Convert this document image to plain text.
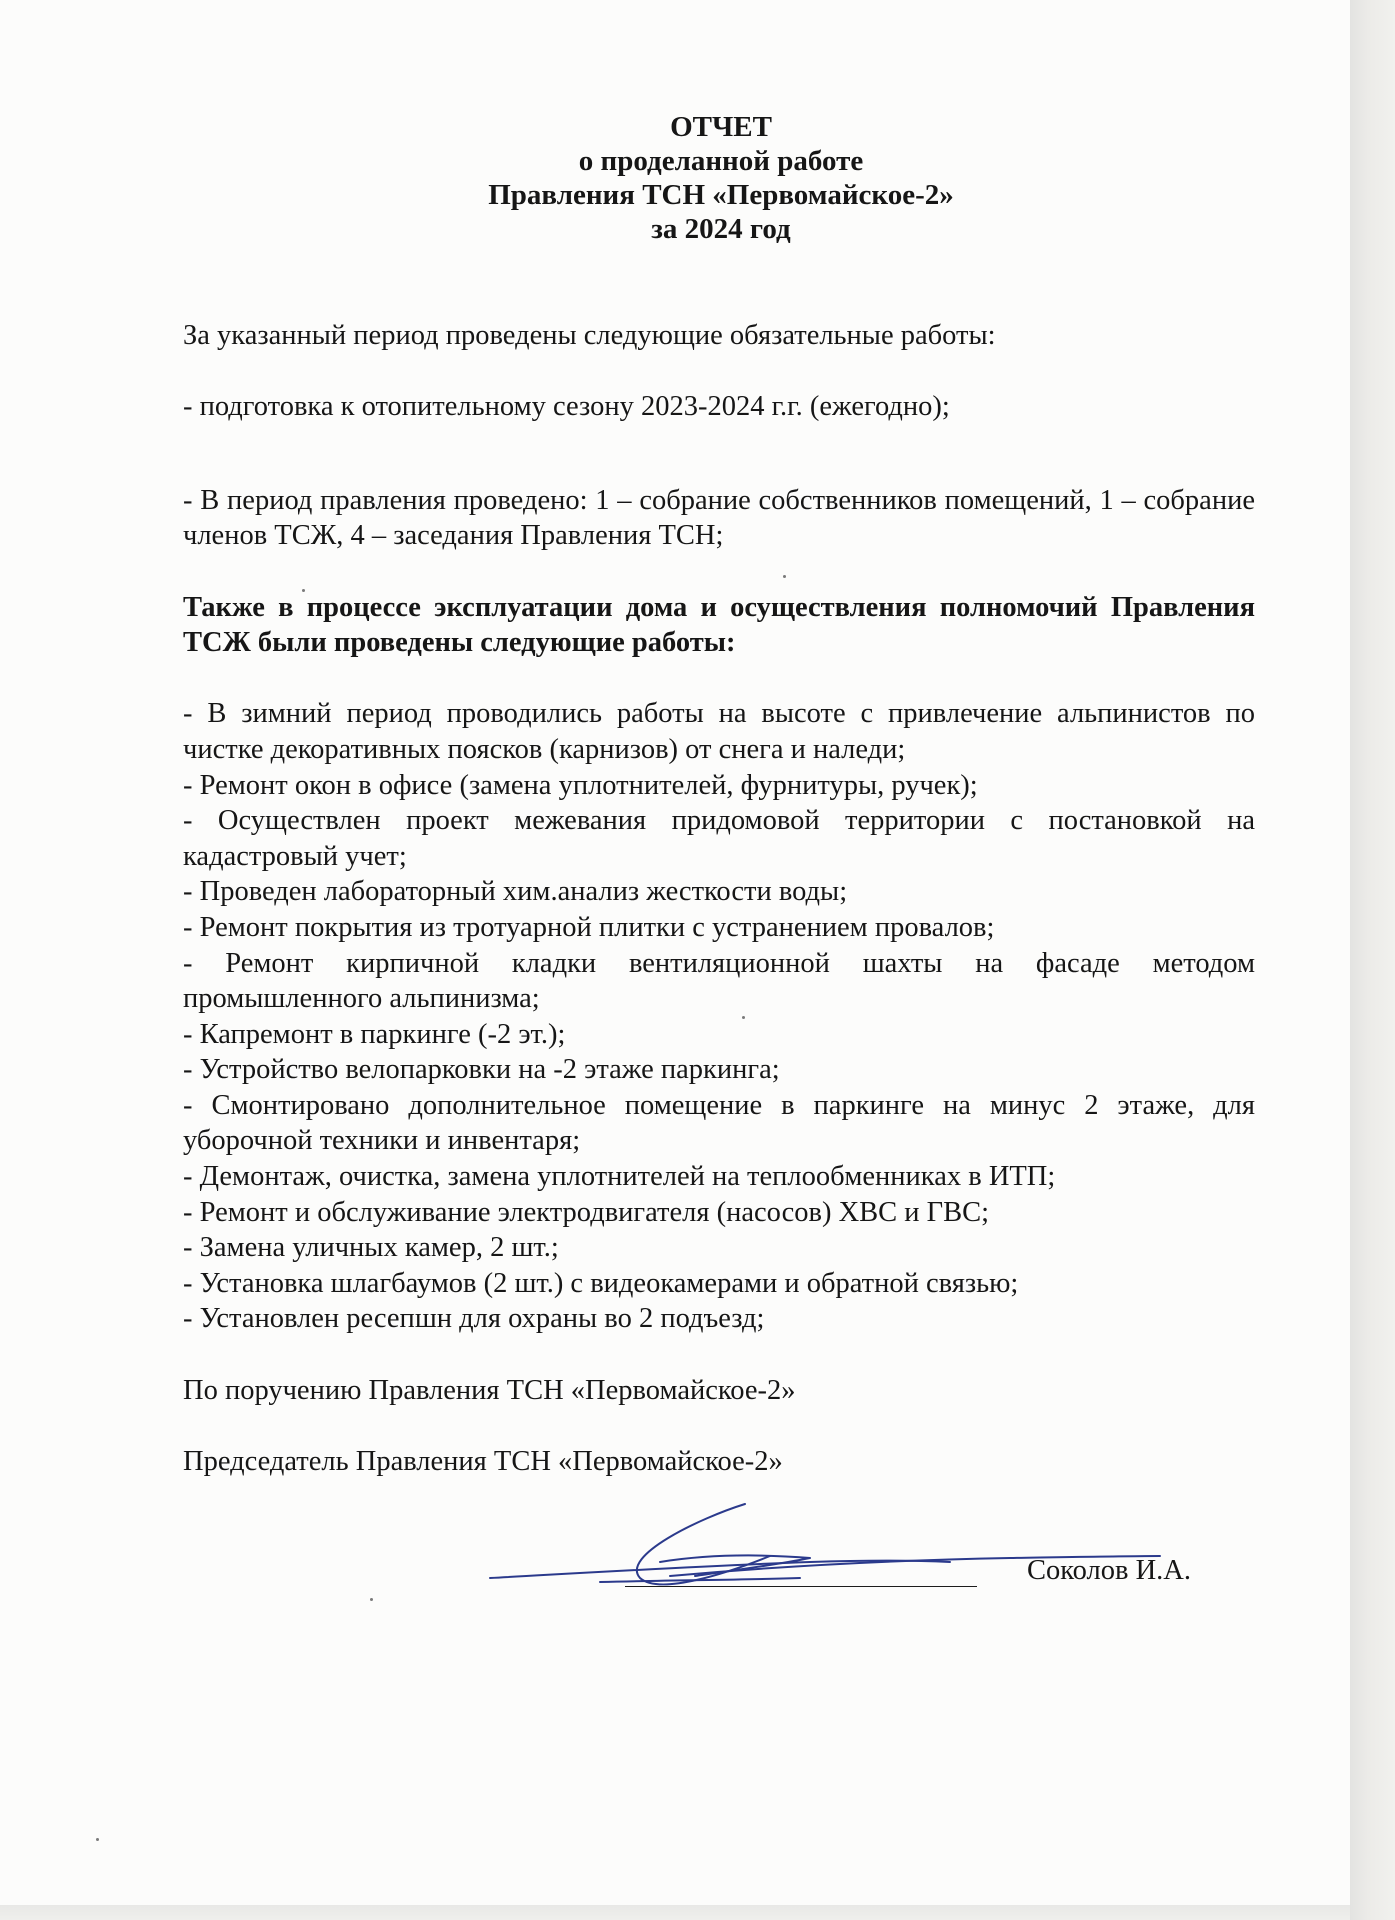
ОТЧЕТ
о проделанной работе
Правления ТСН «Первомайское-2»
за 2024 год

За указанный период проведены следующие обязательные работы:

- подготовка к отопительному сезону 2023-2024 г.г. (ежегодно);

- В период правления проведено: 1 – собрание собственников помещений, 1 – собрание членов ТСЖ, 4 – заседания Правления ТСН;

Также в процессе эксплуатации дома и осуществления полномочий Правления ТСЖ были проведены следующие работы:

- В зимний период проводились работы на высоте с привлечение альпинистов по чистке декоративных поясков (карнизов) от снега и наледи;

- Ремонт окон в офисе (замена уплотнителей, фурнитуры, ручек);

- Осуществлен проект межевания придомовой территории с постановкой на кадастровый учет;

- Проведен лабораторный хим.анализ жесткости воды;

- Ремонт покрытия из тротуарной плитки с устранением провалов;

- Ремонт кирпичной кладки вентиляционной шахты на фасаде методом промышленного альпинизма;

- Капремонт в паркинге (-2 эт.);

- Устройство велопарковки на -2 этаже паркинга;

- Смонтировано дополнительное помещение в паркинге на минус 2 этаже, для уборочной техники и инвентаря;

- Демонтаж, очистка, замена уплотнителей на теплообменниках в ИТП;

- Ремонт и обслуживание электродвигателя (насосов) ХВС и ГВС;

- Замена уличных камер, 2 шт.;

- Установка шлагбаумов (2 шт.) с видеокамерами и обратной связью;

- Установлен ресепшн для охраны во 2 подъезд;

По поручению Правления ТСН «Первомайское-2»

Председатель Правления ТСН «Первомайское-2»

Соколов И.А.
